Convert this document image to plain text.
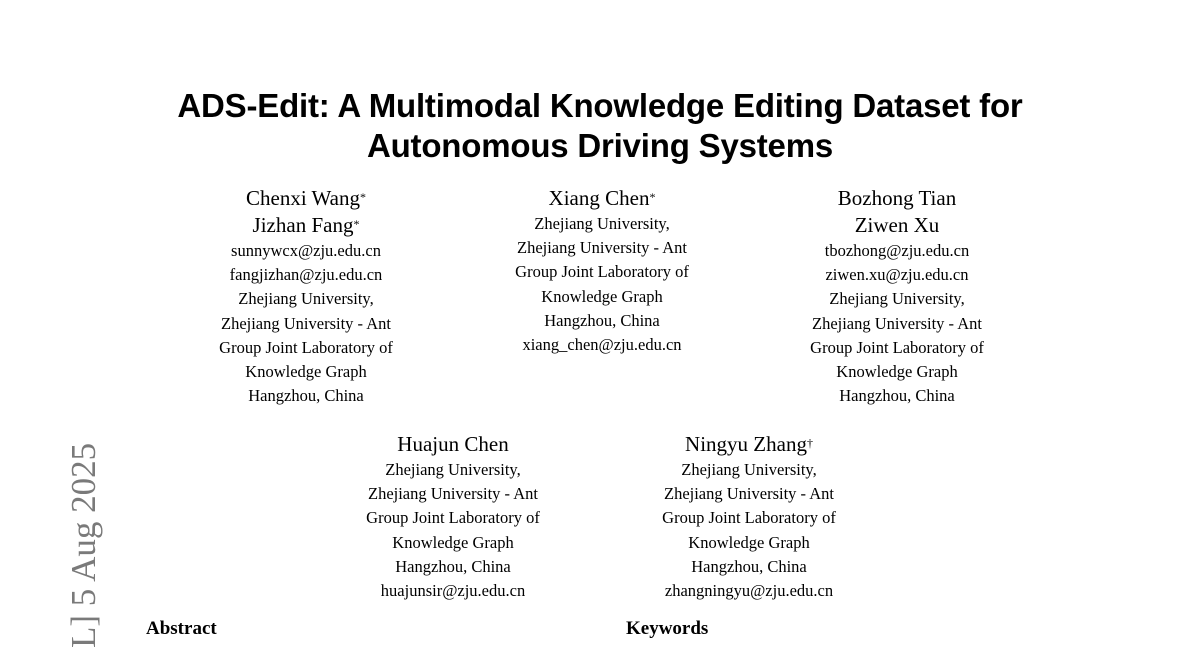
ADS-Edit: A Multimodal Knowledge Editing Dataset for
Autonomous Driving Systems
Chenxi Wang*
Jizhan Fang*
sunnywcx@zju.edu.cn
fangjizhan@zju.edu.cn
Zhejiang University,
Zhejiang University - Ant
Group Joint Laboratory of
Knowledge Graph
Hangzhou, China
Xiang Chen*
Zhejiang University,
Zhejiang University - Ant
Group Joint Laboratory of
Knowledge Graph
Hangzhou, China
xiang_chen@zju.edu.cn
Bozhong Tian
Ziwen Xu
tbozhong@zju.edu.cn
ziwen.xu@zju.edu.cn
Zhejiang University,
Zhejiang University - Ant
Group Joint Laboratory of
Knowledge Graph
Hangzhou, China
Huajun Chen
Zhejiang University,
Zhejiang University - Ant
Group Joint Laboratory of
Knowledge Graph
Hangzhou, China
huajunsir@zju.edu.cn
Ningyu Zhang†
Zhejiang University,
Zhejiang University - Ant
Group Joint Laboratory of
Knowledge Graph
Hangzhou, China
zhangningyu@zju.edu.cn
L] 5 Aug 2025 Abstract	Keywords
